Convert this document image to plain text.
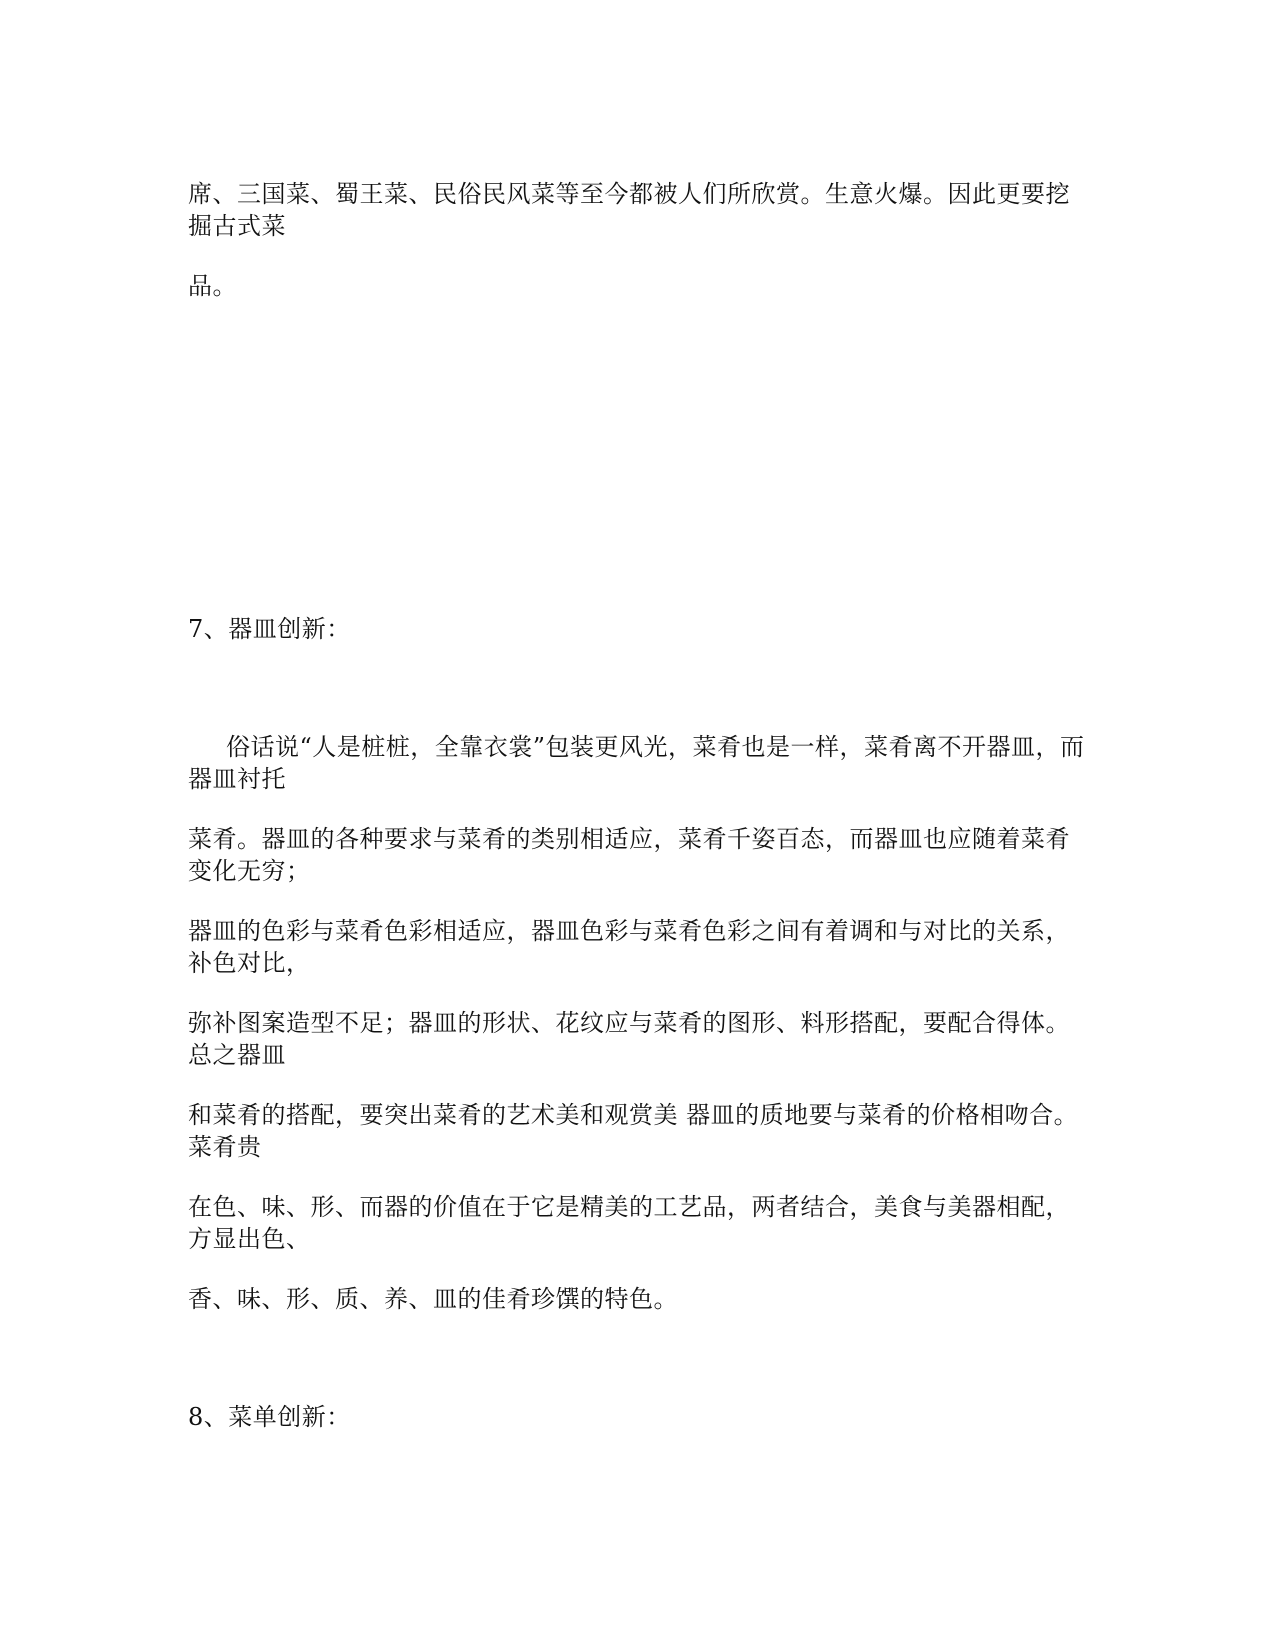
席、三国菜、蜀王菜、民俗民风菜等至今都被人们所欣赏。生意火爆。因此更要挖
掘古式菜
品。
7、器皿创新：
俗话说“人是桩桩，全靠衣裳”包装更风光，菜肴也是一样，菜肴离不开器皿，而
器皿衬托
菜肴。器皿的各种要求与菜肴的类别相适应，菜肴千姿百态，而器皿也应随着菜肴
变化无穷；
器皿的色彩与菜肴色彩相适应，器皿色彩与菜肴色彩之间有着调和与对比的关系，
补色对比，
弥补图案造型不足；器皿的形状、花纹应与菜肴的图形、料形搭配，要配合得体。
总之器皿
和菜肴的搭配，要突出菜肴的艺术美和观赏美 器皿的质地要与菜肴的价格相吻合。
菜肴贵
在色、味、形、而器的价值在于它是精美的工艺品，两者结合，美食与美器相配，
方显出色、
香、味、形、质、养、皿的佳肴珍馔的特色。
8、菜单创新：
